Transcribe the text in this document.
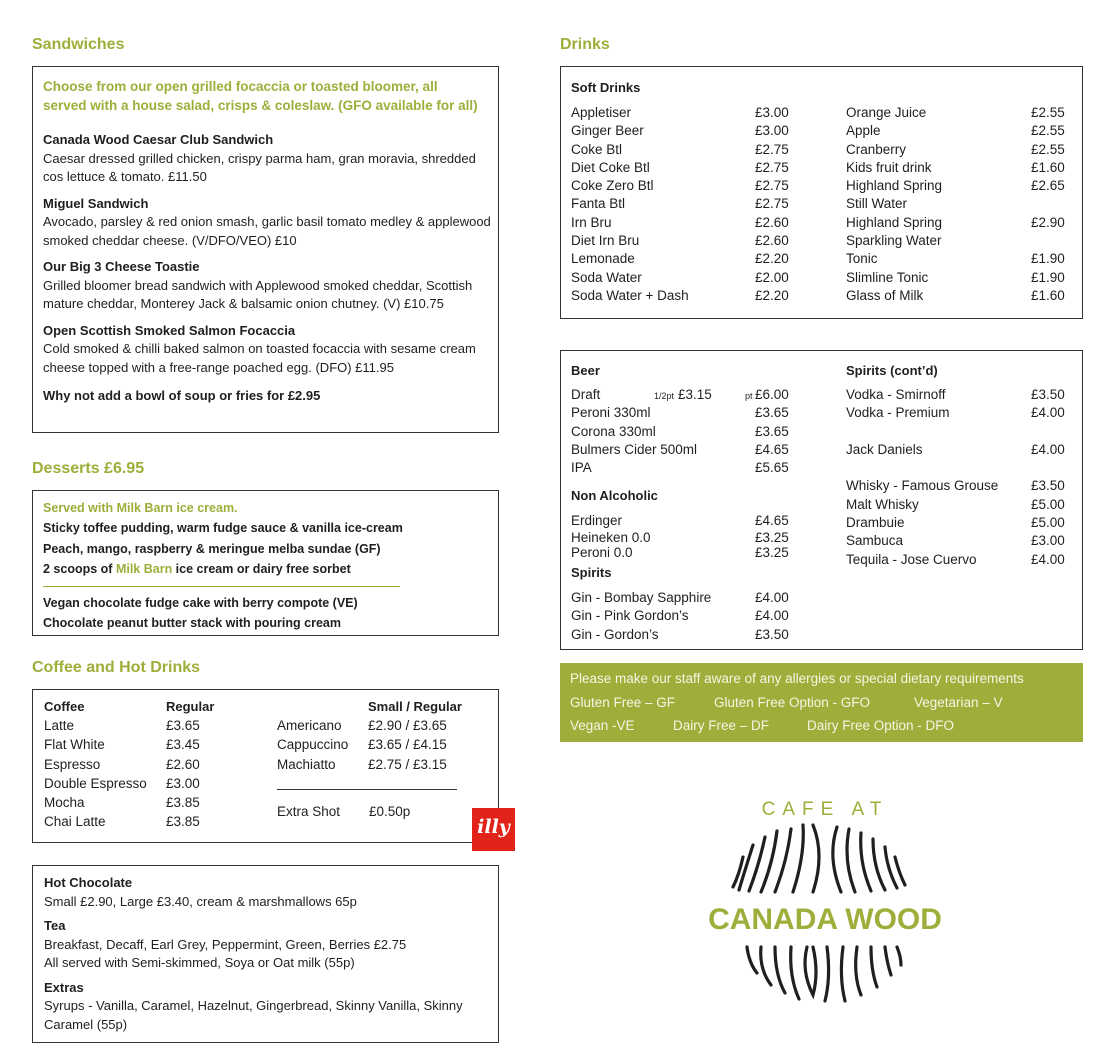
Sandwiches
Choose from our open grilled focaccia or toasted bloomer, all served with a house salad, crisps & coleslaw. (GFO available for all)
Canada Wood Caesar Club Sandwich
Caesar dressed grilled chicken, crispy parma ham, gran moravia, shredded cos lettuce & tomato. £11.50
Miguel Sandwich
Avocado, parsley & red onion smash, garlic basil tomato medley & applewood smoked cheddar cheese. (V/DFO/VEO) £10
Our Big 3 Cheese Toastie
Grilled bloomer bread sandwich with Applewood smoked cheddar, Scottish mature cheddar, Monterey Jack & balsamic onion chutney. (V) £10.75
Open Scottish Smoked Salmon Focaccia
Cold smoked & chilli baked salmon on toasted focaccia with sesame cream cheese topped with a free-range poached egg. (DFO) £11.95
Why not add a bowl of soup or fries for £2.95
Desserts £6.95
Served with Milk Barn ice cream.
Sticky toffee pudding, warm fudge sauce & vanilla ice-cream
Peach, mango, raspberry & meringue melba sundae (GF)
2 scoops of Milk Barn ice cream or dairy free sorbet
Vegan chocolate fudge cake with berry compote (VE)
Chocolate peanut butter stack with pouring cream
Coffee and Hot Drinks
Coffee	Regular	Small / Regular
Latte	£3.65
Flat White	£3.45
Espresso	£2.60
Double Espresso £3.00
Mocha	£3.85
Chai Latte	£3.85
Americano £2.90 / £3.65
Cappuccino £3.65 / £4.15
Machiatto £2.75 / £3.15
Extra Shot £0.50p
illy
Hot Chocolate
Small £2.90, Large £3.40, cream & marshmallows 65p
Tea
Breakfast, Decaff, Earl Grey, Peppermint, Green, Berries £2.75
All served with Semi-skimmed, Soya or Oat milk (55p)
Extras
Syrups - Vanilla, Caramel, Hazelnut, Gingerbread, Skinny Vanilla, Skinny Caramel (55p)
Drinks
Soft Drinks
Appletiser	£3.00
Ginger Beer	£3.00
Coke Btl	£2.75
Diet Coke Btl	£2.75
Coke Zero Btl	£2.75
Fanta Btl	£2.75
Irn Bru	£2.60
Diet Irn Bru	£2.60
Lemonade	£2.20
Soda Water	£2.00
Soda Water + Dash	£2.20
Orange Juice	£2.55
Apple	£2.55
Cranberry	£2.55
Kids fruit drink	£1.60
Highland Spring	£2.65
Still Water
Highland Spring	£2.90
Sparkling Water
Tonic	£1.90
Slimline Tonic	£1.90
Glass of Milk	£1.60
Beer
Draft	1/2pt £3.15	pt £6.00
Peroni 330ml	£3.65
Corona 330ml	£3.65
Bulmers Cider 500ml	£4.65
IPA	£5.65
Non Alcoholic
Erdinger	£4.65
Heineken 0.0	£3.25
Peroni 0.0	£3.25
Spirits
Gin - Bombay Sapphire	£4.00
Gin - Pink Gordon’s	£4.00
Gin - Gordon’s	£3.50
Spirits (cont’d)
Vodka - Smirnoff	£3.50
Vodka - Premium	£4.00
Jack Daniels	£4.00
Whisky - Famous Grouse £3.50
Malt Whisky	£5.00
Drambuie	£5.00
Sambuca	£3.00
Tequila - Jose Cuervo	£4.00
Please make our staff aware of any allergies or special dietary requirements
Gluten Free – GF	Gluten Free Option - GFO	Vegetarian – V
Vegan -VE	Dairy Free – DF	Dairy Free Option - DFO
CAFE AT
CANADA WOOD
